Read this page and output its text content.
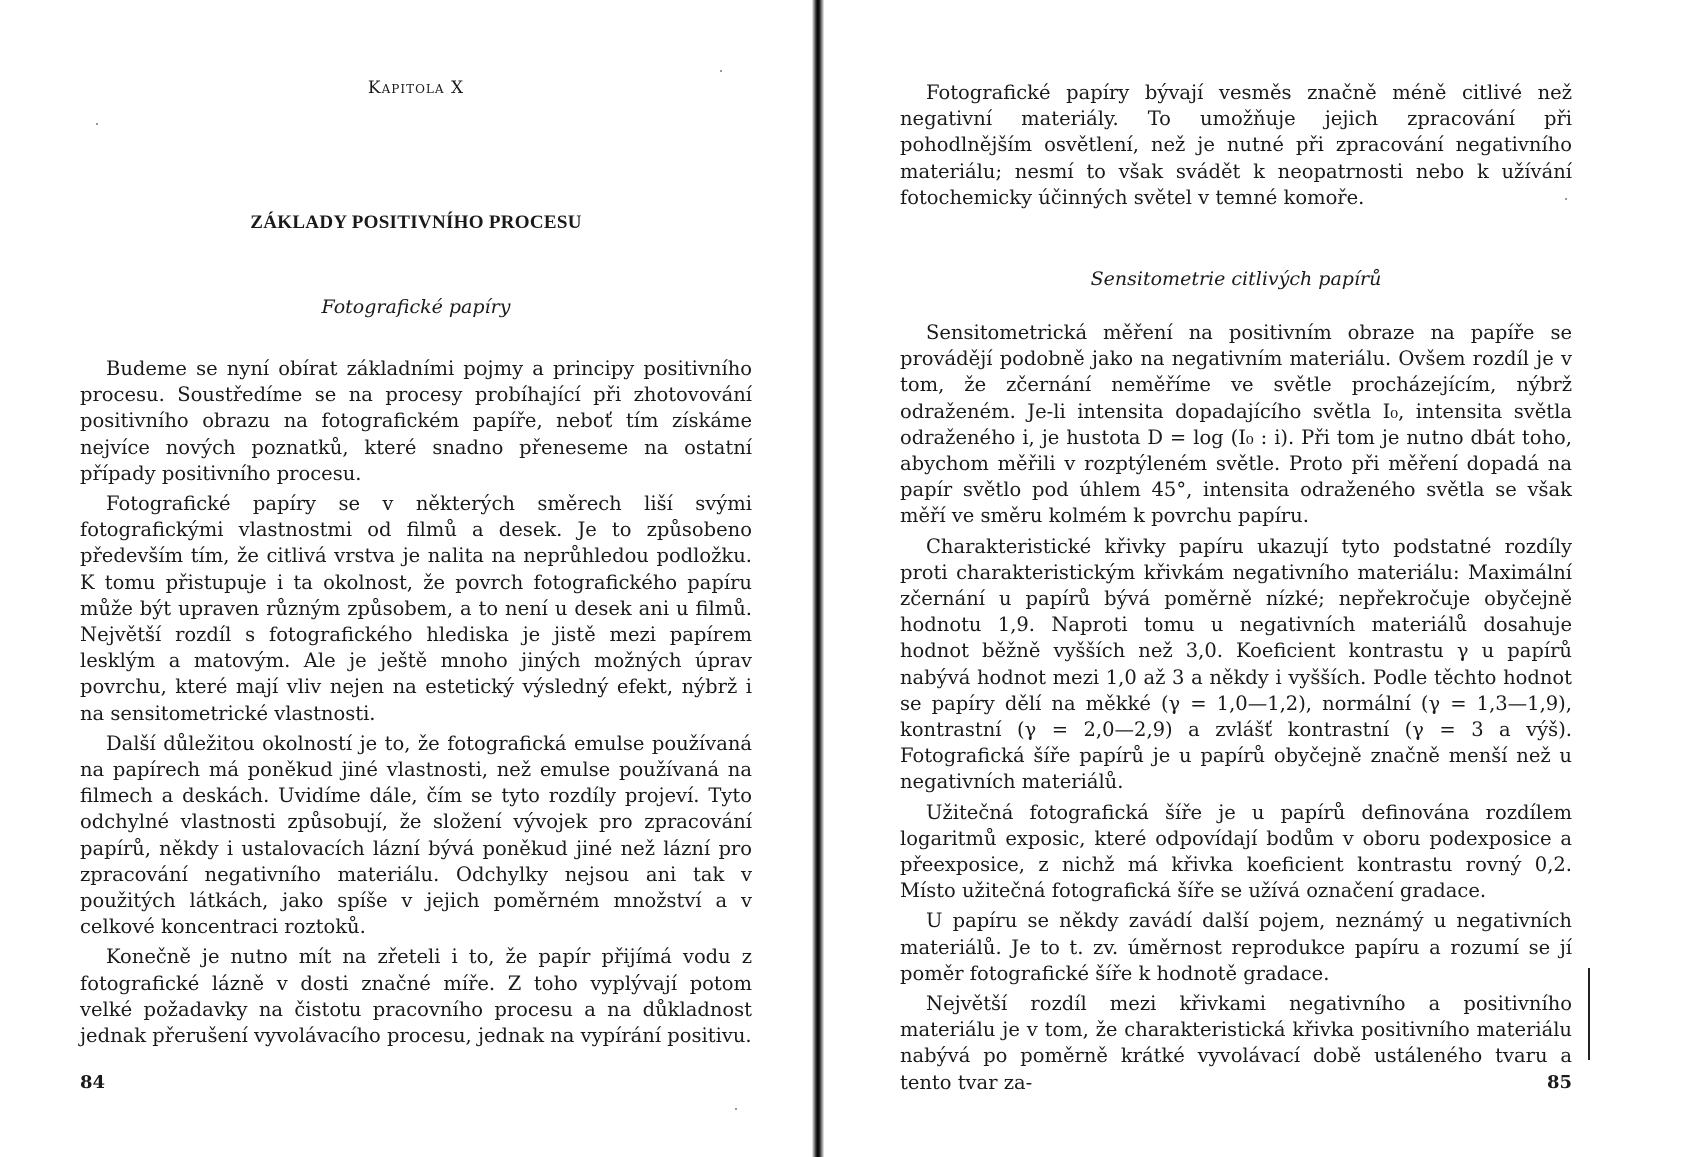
Kapitola X
ZÁKLADY POSITIVNÍHO PROCESU
Fotografické papíry

Budeme se nyní obírat základními pojmy a principy positivního procesu. Soustředíme se na procesy probíhající při zhotovování positivního obrazu na fotografickém papíře, neboť tím získáme nejvíce nových poznatků, které snadno přeneseme na ostatní případy positivního procesu.

Fotografické papíry se v některých směrech liší svými fotografickými vlastnostmi od filmů a desek. Je to způsobeno především tím, že citlivá vrstva je nalita na neprůhledou podložku. K tomu přistupuje i ta okolnost, že povrch fotografického papíru může být upraven různým způsobem, a to není u desek ani u filmů. Největší rozdíl s fotografického hlediska je jistě mezi papírem lesklým a matovým. Ale je ještě mnoho jiných možných úprav povrchu, které mají vliv nejen na estetický výsledný efekt, nýbrž i na sensitometrické vlastnosti.

Další důležitou okolností je to, že fotografická emulse používaná na papírech má poněkud jiné vlastnosti, než emulse používaná na filmech a deskách. Uvidíme dále, čím se tyto rozdíly projeví. Tyto odchylné vlastnosti způsobují, že složení vývojek pro zpracování papírů, někdy i ustalovacích lázní bývá poněkud jiné než lázní pro zpracování negativního materiálu. Odchylky nejsou ani tak v použitých látkách, jako spíše v jejich poměrném množství a v celkové koncentraci roztoků.

Konečně je nutno mít na zřeteli i to, že papír přijímá vodu z fotografické lázně v dosti značné míře. Z toho vyplývají potom velké požadavky na čistotu pracovního procesu a na důkladnost jednak přerušení vyvolávacího procesu, jednak na vypírání positivu.

84

Fotografické papíry bývají vesměs značně méně citlivé než negativní materiály. To umožňuje jejich zpracování při pohodlnějším osvětlení, než je nutné při zpracování negativního materiálu; nesmí to však svádět k neopatrnosti nebo k užívání fotochemicky účinných světel v temné komoře.

Sensitometrie citlivých papírů

Sensitometrická měření na positivním obraze na papíře se provádějí podobně jako na negativním materiálu. Ovšem rozdíl je v tom, že zčernání neměříme ve světle procházejícím, nýbrž odraženém. Je-li intensita dopadajícího světla I₀, intensita světla odraženého i, je hustota D = log (I₀ : i). Při tom je nutno dbát toho, abychom měřili v rozptýleném světle. Proto při měření dopadá na papír světlo pod úhlem 45°, intensita odraženého světla se však měří ve směru kolmém k povrchu papíru.

Charakteristické křivky papíru ukazují tyto podstatné rozdíly proti charakteristickým křivkám negativního materiálu: Maximální zčernání u papírů bývá poměrně nízké; nepřekročuje obyčejně hodnotu 1,9. Naproti tomu u negativních materiálů dosahuje hodnot běžně vyšších než 3,0. Koeficient kontrastu γ u papírů nabývá hodnot mezi 1,0 až 3 a někdy i vyšších. Podle těchto hodnot se papíry dělí na měkké (γ = 1,0—1,2), normální (γ = 1,3—1,9), kontrastní (γ = 2,0—2,9) a zvlášť kontrastní (γ = 3 a výš). Fotografická šíře papírů je u papírů obyčejně značně menší než u negativních materiálů.

Užitečná fotografická šíře je u papírů definována rozdílem logaritmů exposic, které odpovídají bodům v oboru podexposice a přeexposice, z nichž má křivka koeficient kontrastu rovný 0,2. Místo užitečná fotografická šíře se užívá označení gradace.

U papíru se někdy zavádí další pojem, neznámý u negativních materiálů. Je to t. zv. úměrnost reprodukce papíru a rozumí se jí poměr fotografické šíře k hodnotě gradace.

Největší rozdíl mezi křivkami negativního a positivního materiálu je v tom, že charakteristická křivka positivního materiálu nabývá po poměrně krátké vyvolávací době ustáleného tvaru a tento tvar za-	85
